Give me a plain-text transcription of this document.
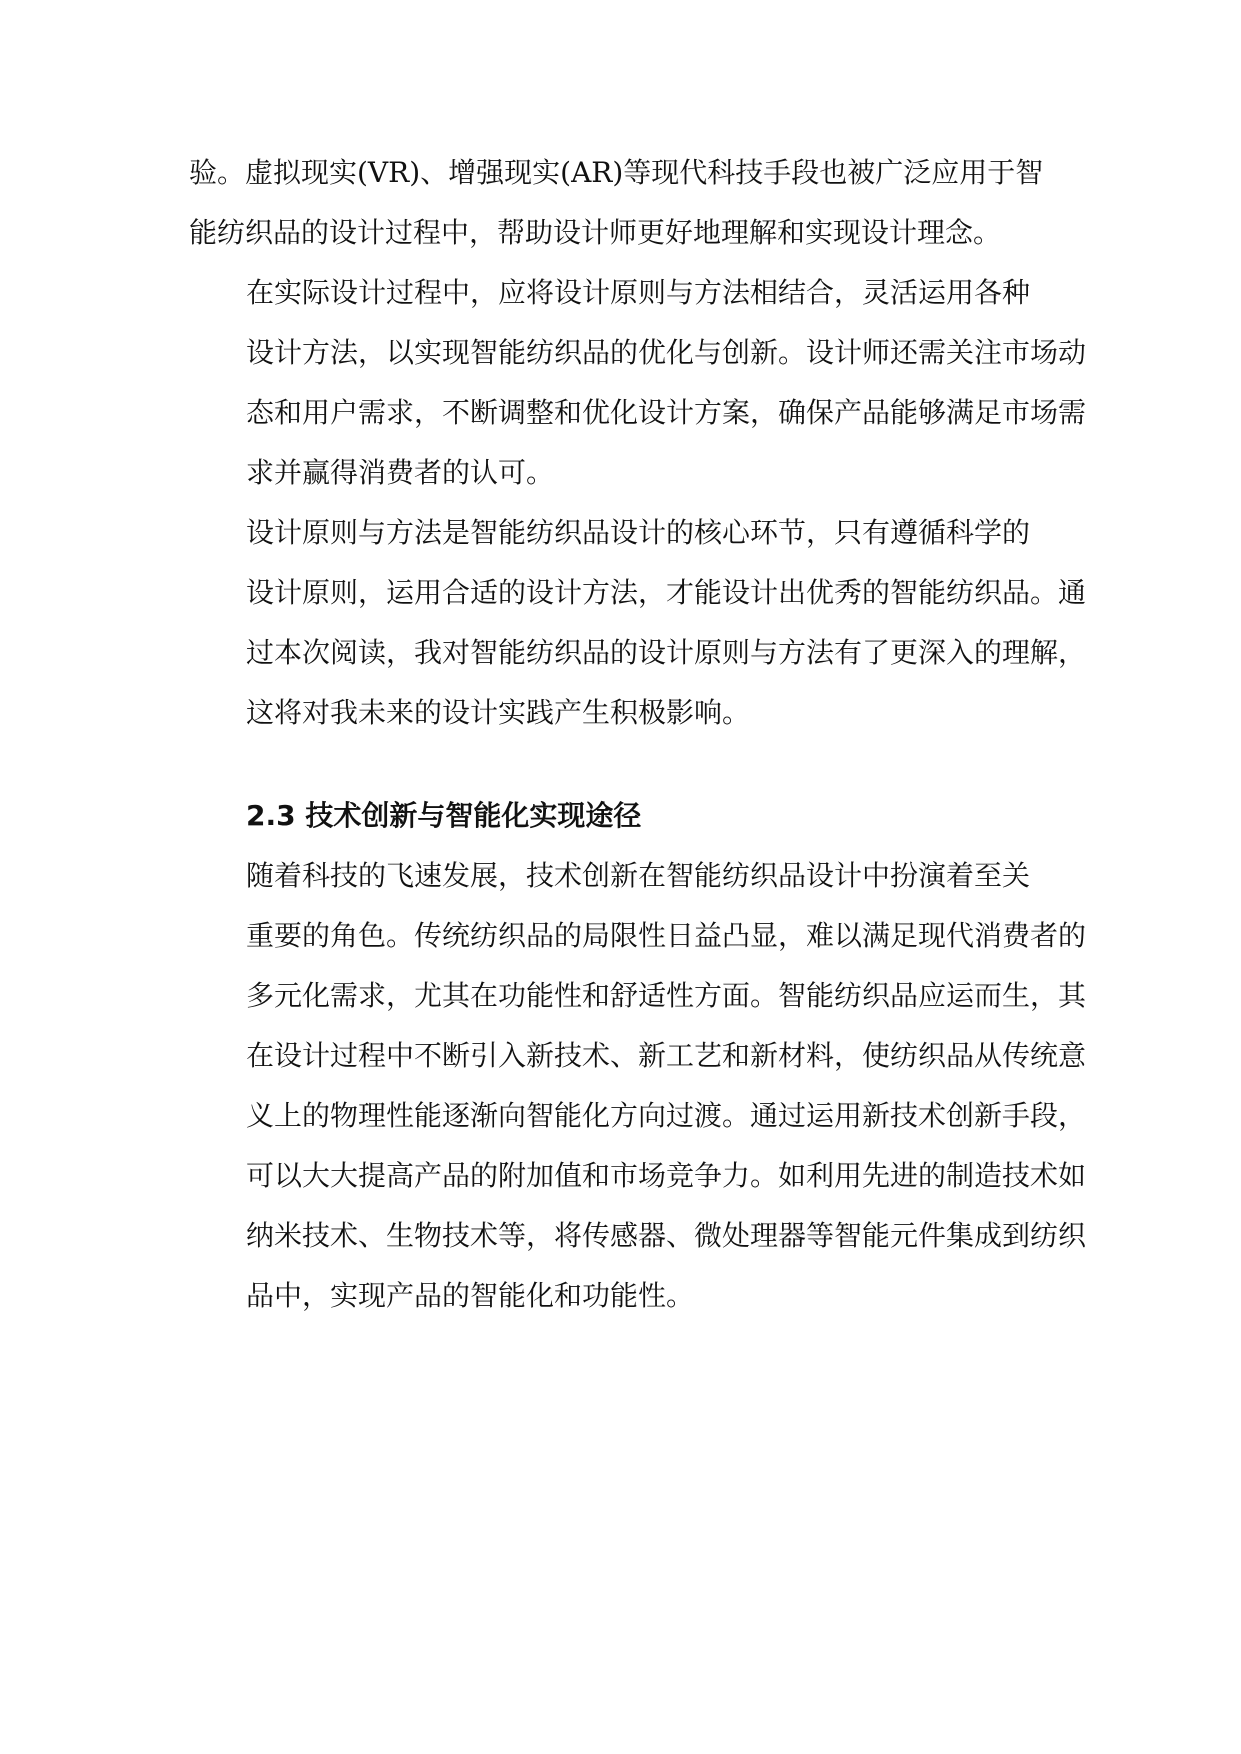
验。虚拟现实(VR)、增强现实(AR)等现代科技手段也被广泛应用于智
能纺织品的设计过程中，帮助设计师更好地理解和实现设计理念。

在实际设计过程中，应将设计原则与方法相结合，灵活运用各种
设计方法，以实现智能纺织品的优化与创新。设计师还需关注市场动
态和用户需求，不断调整和优化设计方案，确保产品能够满足市场需
求并赢得消费者的认可。

设计原则与方法是智能纺织品设计的核心环节，只有遵循科学的
设计原则，运用合适的设计方法，才能设计出优秀的智能纺织品。通
过本次阅读，我对智能纺织品的设计原则与方法有了更深入的理解，
这将对我未来的设计实践产生积极影响。

2.3 技术创新与智能化实现途径

随着科技的飞速发展，技术创新在智能纺织品设计中扮演着至关
重要的角色。传统纺织品的局限性日益凸显，难以满足现代消费者的
多元化需求，尤其在功能性和舒适性方面。智能纺织品应运而生，其
在设计过程中不断引入新技术、新工艺和新材料，使纺织品从传统意
义上的物理性能逐渐向智能化方向过渡。通过运用新技术创新手段，
可以大大提高产品的附加值和市场竞争力。如利用先进的制造技术如
纳米技术、生物技术等，将传感器、微处理器等智能元件集成到纺织
品中，实现产品的智能化和功能性。
